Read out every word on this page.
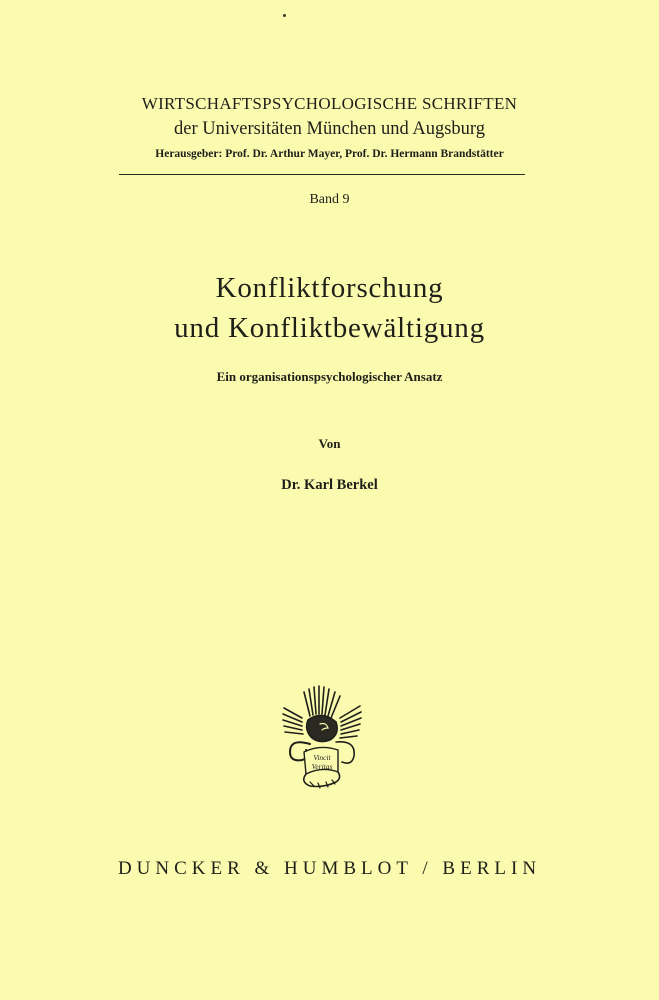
WIRTSCHAFTSPSYCHOLOGISCHE SCHRIFTEN
der Universitäten München und Augsburg
Herausgeber: Prof. Dr. Arthur Mayer, Prof. Dr. Hermann Brandstätter
Band 9
Konfliktforschung
und Konfliktbewältigung
Ein organisationspsychologischer Ansatz
Von
Dr. Karl Berkel
Vincit
Veritas
DUNCKER & HUMBLOT / BERLIN
